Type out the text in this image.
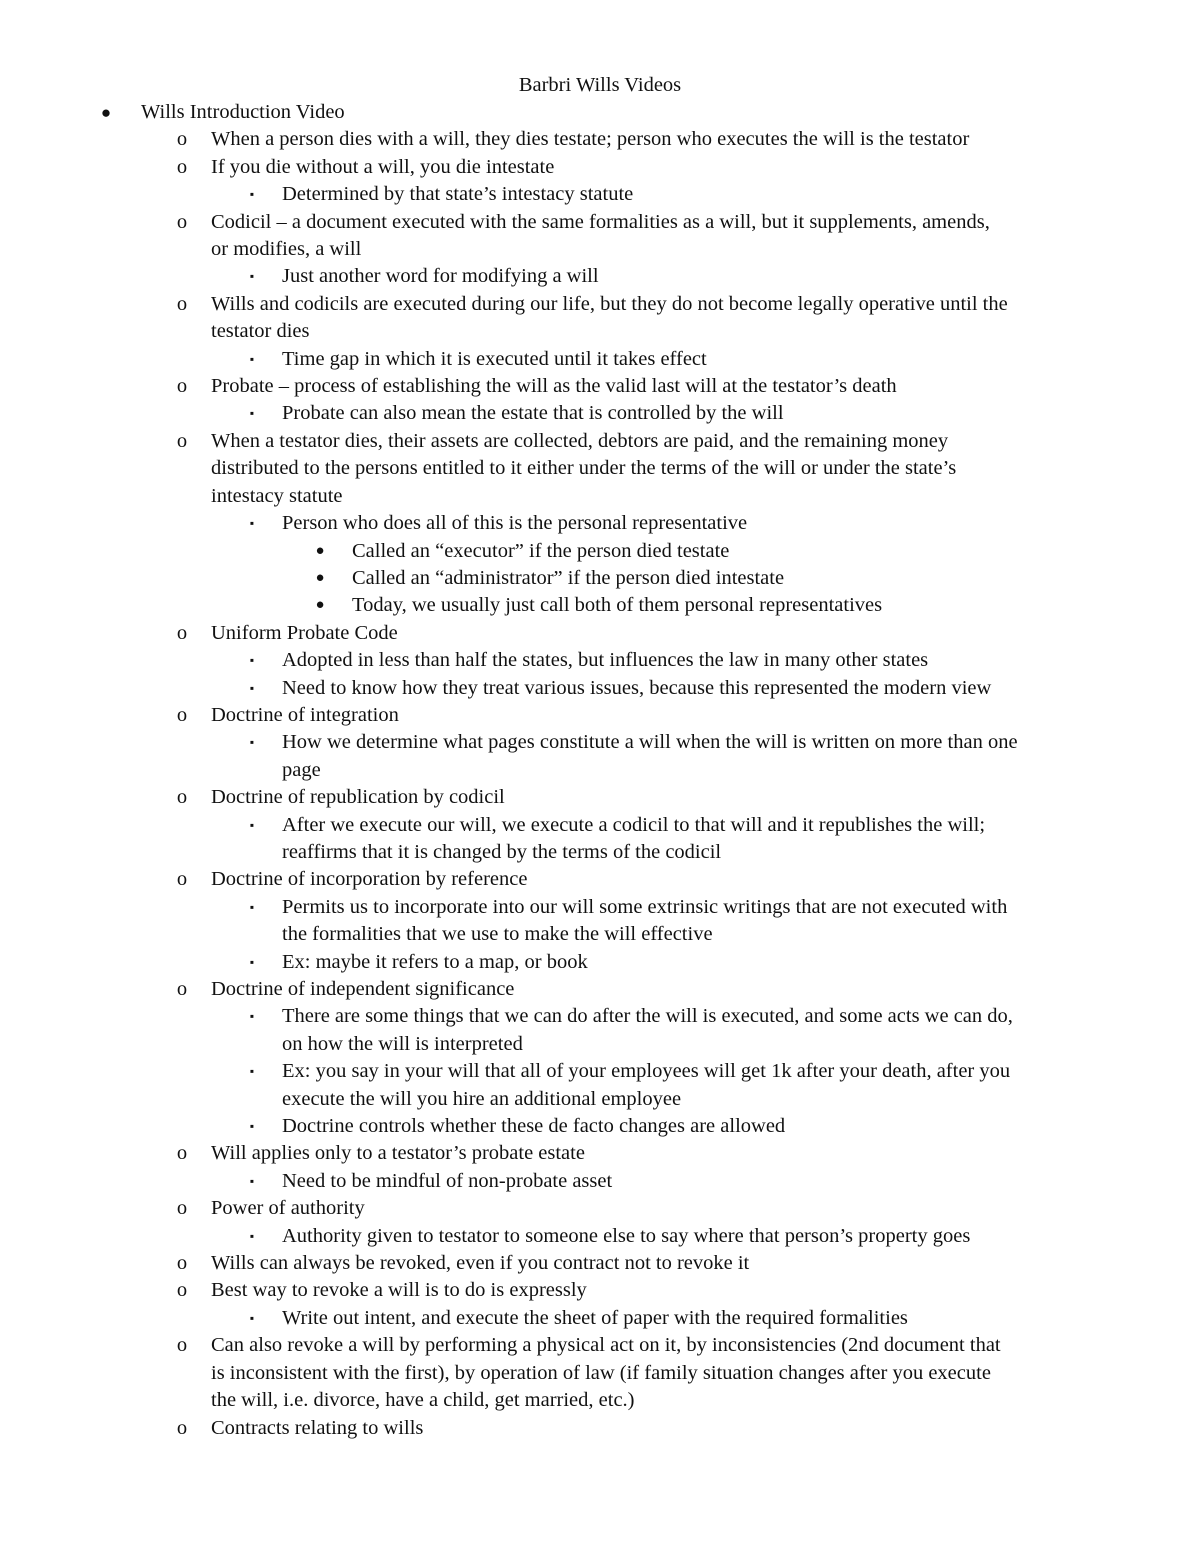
Barbri Wills Videos
●	Wills Introduction Video
o	When a person dies with a will, they dies testate; person who executes the will is the testator
o	If you die without a will, you die intestate
▪	Determined by that state’s intestacy statute
o	Codicil – a document executed with the same formalities as a will, but it supplements, amends,
or modifies, a will
▪	Just another word for modifying a will
o	Wills and codicils are executed during our life, but they do not become legally operative until the
testator dies
▪	Time gap in which it is executed until it takes effect
o	Probate – process of establishing the will as the valid last will at the testator’s death
▪	Probate can also mean the estate that is controlled by the will
o	When a testator dies, their assets are collected, debtors are paid, and the remaining money
distributed to the persons entitled to it either under the terms of the will or under the state’s
intestacy statute
▪	Person who does all of this is the personal representative
●	Called an “executor” if the person died testate
●	Called an “administrator” if the person died intestate
●	Today, we usually just call both of them personal representatives
o	Uniform Probate Code
▪	Adopted in less than half the states, but influences the law in many other states
▪	Need to know how they treat various issues, because this represented the modern view
o	Doctrine of integration
▪	How we determine what pages constitute a will when the will is written on more than one
page
o	Doctrine of republication by codicil
▪	After we execute our will, we execute a codicil to that will and it republishes the will;
reaffirms that it is changed by the terms of the codicil
o	Doctrine of incorporation by reference
▪	Permits us to incorporate into our will some extrinsic writings that are not executed with
the formalities that we use to make the will effective
▪	Ex: maybe it refers to a map, or book
o	Doctrine of independent significance
▪	There are some things that we can do after the will is executed, and some acts we can do,
on how the will is interpreted
▪	Ex: you say in your will that all of your employees will get 1k after your death, after you
execute the will you hire an additional employee
▪	Doctrine controls whether these de facto changes are allowed
o	Will applies only to a testator’s probate estate
▪	Need to be mindful of non-probate asset
o	Power of authority
▪	Authority given to testator to someone else to say where that person’s property goes
o	Wills can always be revoked, even if you contract not to revoke it
o	Best way to revoke a will is to do is expressly
▪	Write out intent, and execute the sheet of paper with the required formalities
o	Can also revoke a will by performing a physical act on it, by inconsistencies (2nd document that
is inconsistent with the first), by operation of law (if family situation changes after you execute
the will, i.e. divorce, have a child, get married, etc.)
o	Contracts relating to wills
